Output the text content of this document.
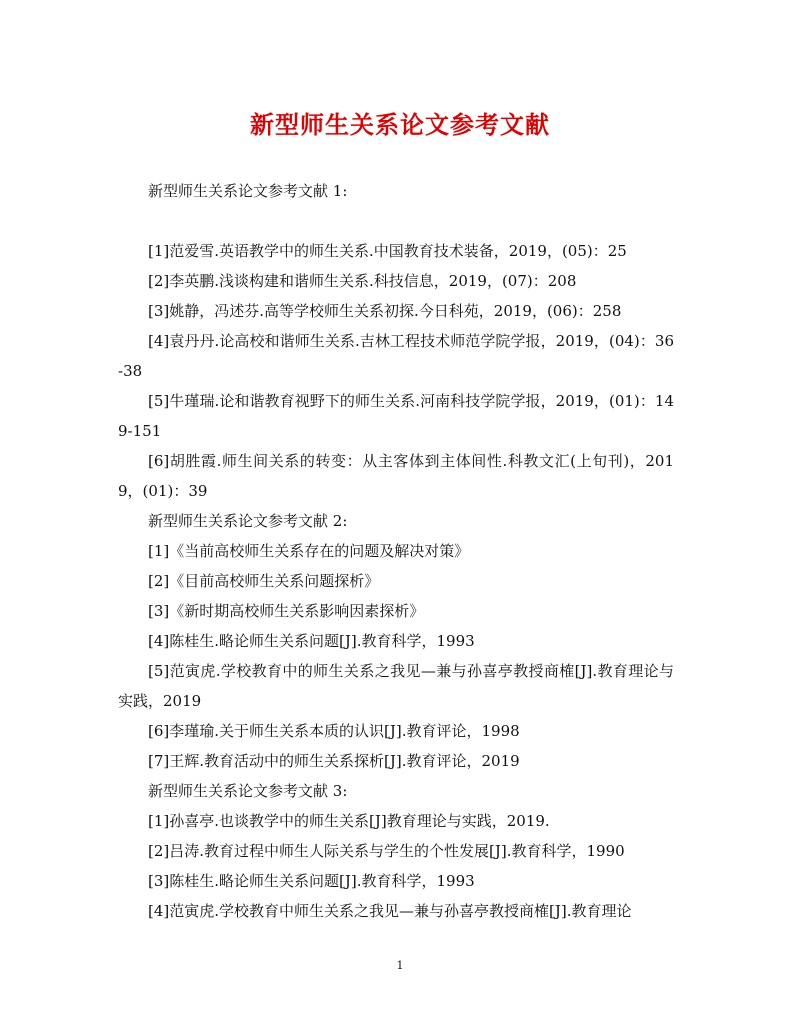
新型师生关系论文参考文献

新型师生关系论文参考文献 1:

[1]范爱雪.英语教学中的师生关系.中国教育技术装备，2019，(05)：25

[2]李英鹏.浅谈构建和谐师生关系.科技信息，2019，(07)：208

[3]姚静，冯述芬.高等学校师生关系初探.今日科苑，2019，(06)：258

[4]袁丹丹.论高校和谐师生关系.吉林工程技术师范学院学报，2019，(04)：36-38

[5]牛瑾瑞.论和谐教育视野下的师生关系.河南科技学院学报，2019，(01)：149-151

[6]胡胜霞.师生间关系的转变：从主客体到主体间性.科教文汇(上旬刊)，2019，(01)：39

新型师生关系论文参考文献 2:

[1]《当前高校师生关系存在的问题及解决对策》

[2]《目前高校师生关系问题探析》

[3]《新时期高校师生关系影响因素探析》

[4]陈桂生.略论师生关系问题[J].教育科学，1993

[5]范寅虎.学校教育中的师生关系之我见—兼与孙喜亭教授商榷[J].教育理论与实践，2019

[6]李瑾瑜.关于师生关系本质的认识[J].教育评论，1998

[7]王辉.教育活动中的师生关系探析[J].教育评论，2019

新型师生关系论文参考文献 3:

[1]孙喜亭.也谈教学中的师生关系[J]教育理论与实践，2019.

[2]吕涛.教育过程中师生人际关系与学生的个性发展[J].教育科学，1990

[3]陈桂生.略论师生关系问题[J].教育科学，1993

[4]范寅虎.学校教育中师生关系之我见—兼与孙喜亭教授商榷[J].教育理论

1
